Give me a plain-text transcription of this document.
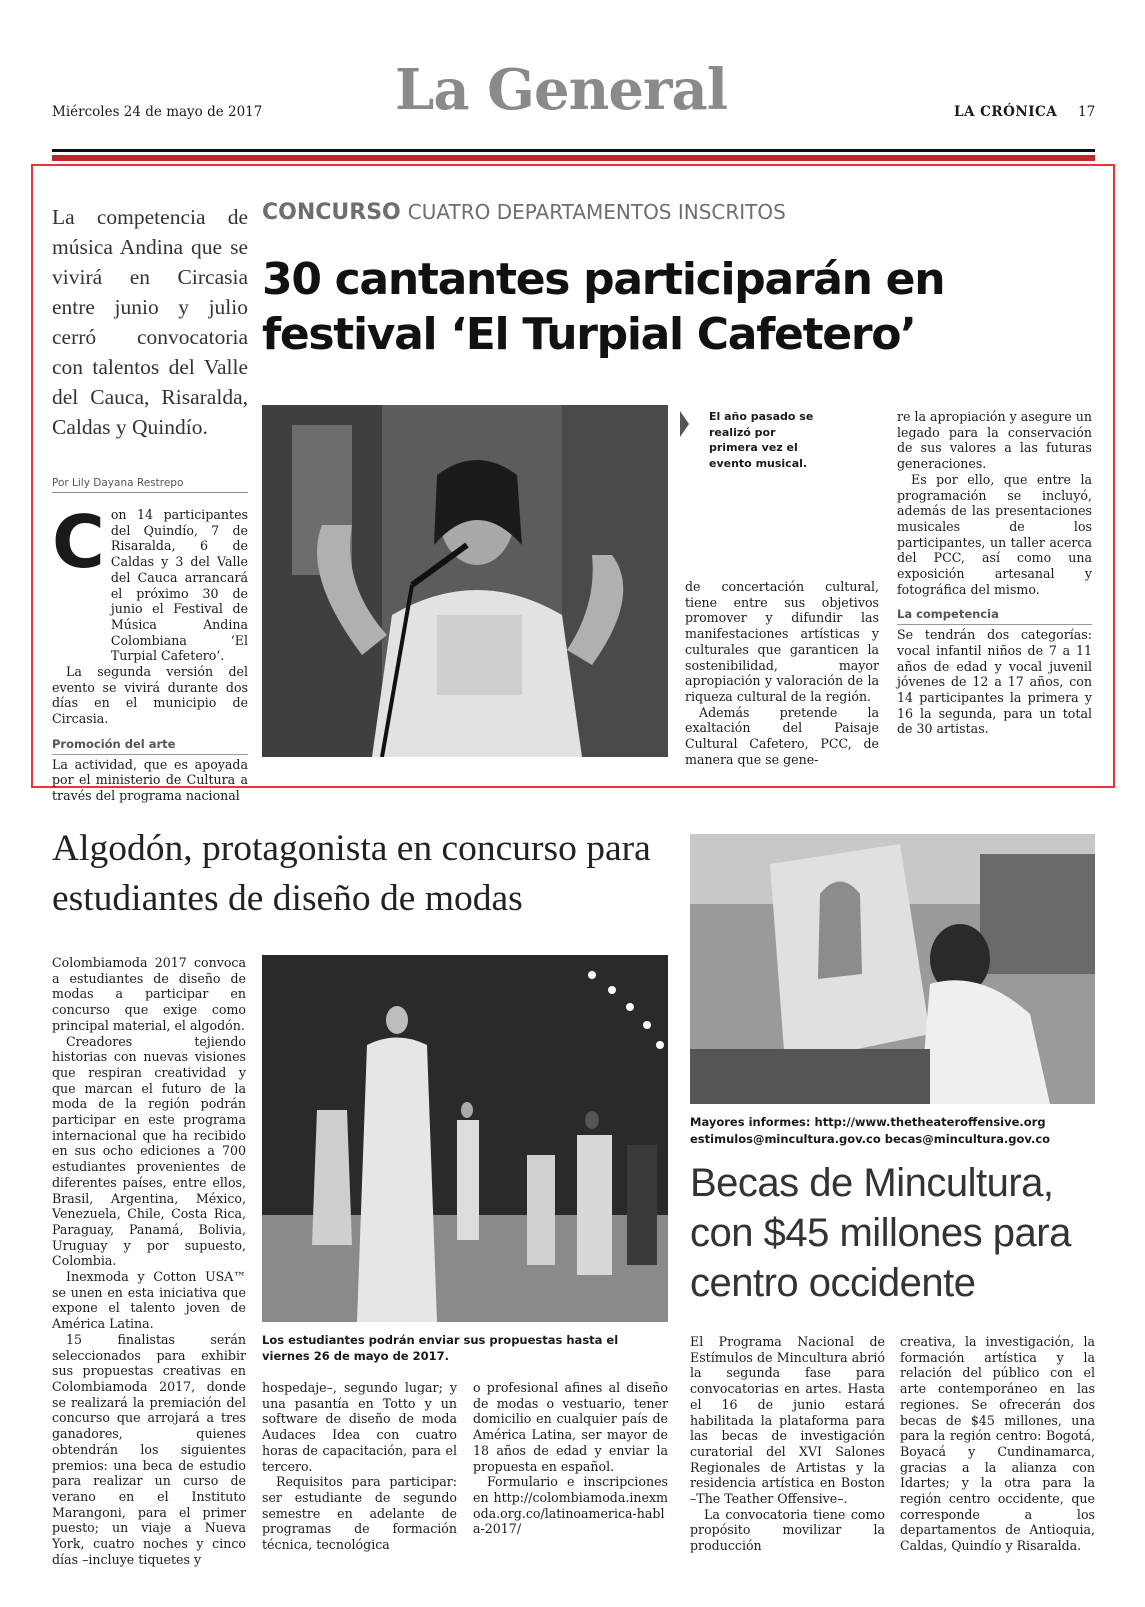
Miércoles 24 de mayo de 2017 La General	LA CRÓNICA 17
La competencia de música Andina que se vivirá en Circasia entre junio y julio cerró convocatoria con talentos del Valle del Cauca, Risaralda, Caldas y Quindío.
Por Lily Dayana Restrepo
C on 14 participantes del Quindío, 7 de Risaralda, 6 de Caldas y 3 del Valle del Cauca arrancará el próximo 30 de junio el Festival de Música Andina Colombiana ‘El Turpial Cafetero’.

La segunda versión del evento se vivirá durante dos días en el municipio de Circasia.

Promoción del arte

La actividad, que es apoyada por el ministerio de Cultura a través del programa nacional

CONCURSO CUATRO DEPARTAMENTOS INSCRITOS
30 cantantes participarán en festival ‘El Turpial Cafetero’
El año pasado se realizó por primera vez el evento musical.

de concertación cultural, tiene entre sus objetivos promover y difundir las manifestaciones artísticas y culturales que garanticen la sostenibilidad, mayor apropiación y valoración de la riqueza cultural de la región.

Además pretende la exaltación del Paisaje Cultural Cafetero, PCC, de manera que se gene-

re la apropiación y asegure un legado para la conservación de sus valores a las futuras generaciones.

Es por ello, que entre la programación se incluyó, además de las presentaciones musicales de los participantes, un taller acerca del PCC, así como una exposición artesanal y fotográfica del mismo.

La competencia

Se tendrán dos categorías: vocal infantil niños de 7 a 11 años de edad y vocal juvenil jóvenes de 12 a 17 años, con 14 participantes la primera y 16 la segunda, para un total de 30 artistas.

Algodón, protagonista en concurso para estudiantes de diseño de modas

Colombiamoda 2017 convoca a estudiantes de diseño de modas a participar en concurso que exige como principal material, el algodón.

Creadores tejiendo historias con nuevas visiones que respiran creatividad y que marcan el futuro de la moda de la región podrán participar en este programa internacional que ha recibido en sus ocho ediciones a 700 estudiantes provenientes de diferentes países, entre ellos, Brasil, Argentina, México, Venezuela, Chile, Costa Rica, Paraguay, Panamá, Bolivia, Uruguay y por supuesto, Colombia.

Inexmoda y Cotton USA™ se unen en esta iniciativa que expone el talento joven de América Latina.

15 finalistas serán seleccionados para exhibir sus propuestas creativas en Colombiamoda 2017, donde se realizará la premiación del concurso que arrojará a tres ganadores, quienes obtendrán los siguientes premios: una beca de estudio para realizar un curso de verano en el Instituto Marangoni, para el primer puesto; un viaje a Nueva York, cuatro noches y cinco días –incluye tiquetes y

Los estudiantes podrán enviar sus propuestas hasta el viernes 26 de mayo de 2017.

hospedaje–, segundo lugar; y una pasantía en Totto y un software de diseño de moda Audaces Idea con cuatro horas de capacitación, para el tercero.

Requisitos para participar: ser estudiante de segundo semestre en adelante de programas de formación técnica, tecnológica

o profesional afines al diseño de modas o vestuario, tener domicilio en cualquier país de América Latina, ser mayor de 18 años de edad y enviar la propuesta en español.

Formulario e inscripciones en http://colombiamoda.inexmoda.org.co/latinoamerica-habla-2017/

Mayores informes: http://www.thetheateroffensive.org estimulos@mincultura.gov.co becas@mincultura.gov.co
Becas de Mincultura, con $45 millones para centro occidente

El Programa Nacional de Estímulos de Mincultura abrió la segunda fase para convocatorias en artes. Hasta el 16 de junio estará habilitada la plataforma para las becas de investigación curatorial del XVI Salones Regionales de Artistas y la residencia artística en Boston –The Teather Offensive–.

La convocatoria tiene como propósito movilizar la producción

creativa, la investigación, la formación artística y la relación del público con el arte contemporáneo en las regiones. Se ofrecerán dos becas de $45 millones, una para la región centro: Bogotá, Boyacá y Cundinamarca, gracias a la alianza con Idartes; y la otra para la región centro occidente, que corresponde a los departamentos de Antioquia, Caldas, Quindío y Risaralda.
